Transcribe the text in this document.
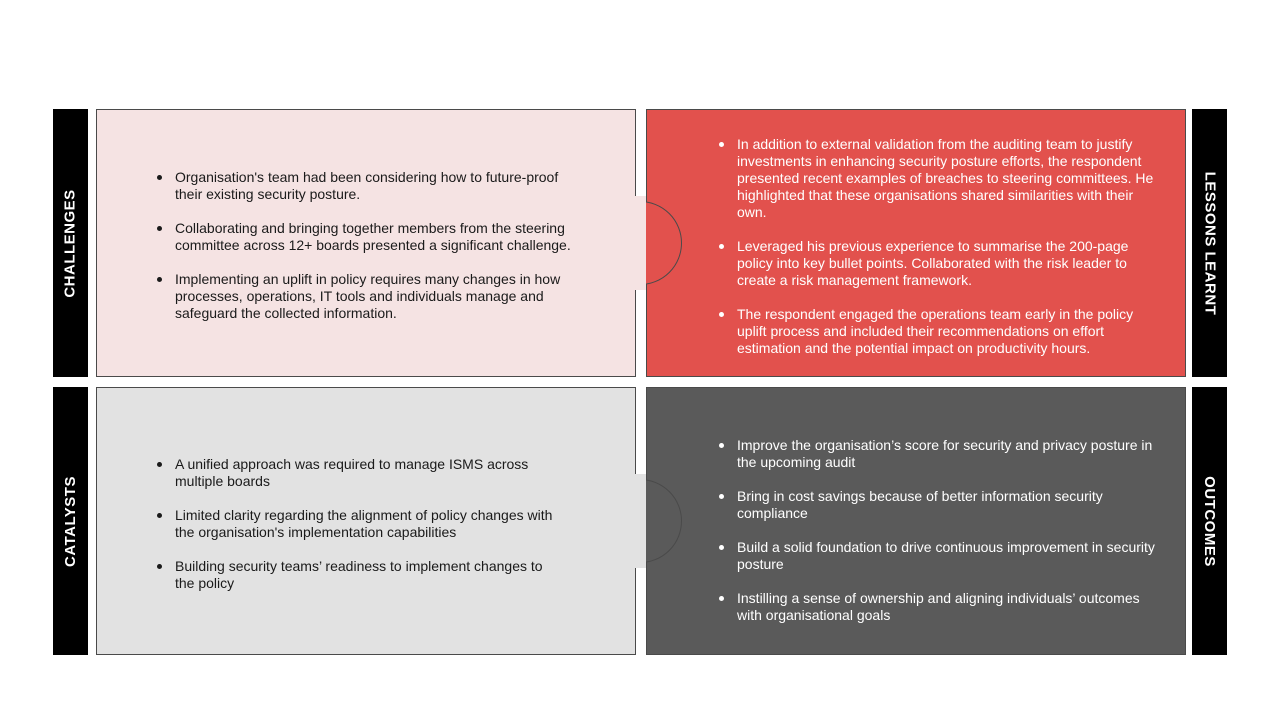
CHALLENGES
CATALYSTS
LESSONS LEARNT
OUTCOMES
Organisation's team had been considering how to future-proof their existing security posture.
Collaborating and bringing together members from the steering committee across 12+ boards presented a significant challenge.
Implementing an uplift in policy requires many changes in how processes, operations, IT tools and individuals manage and safeguard the collected information.
In addition to external validation from the auditing team to justify investments in enhancing security posture efforts, the respondent presented recent examples of breaches to steering committees. He highlighted that these organisations shared similarities with their own.
Leveraged his previous experience to summarise the 200-page policy into key bullet points. Collaborated with the risk leader to create a risk management framework.
The respondent engaged the operations team early in the policy uplift process and included their recommendations on effort estimation and the potential impact on productivity hours.
A unified approach was required to manage ISMS across multiple boards
Limited clarity regarding the alignment of policy changes with the organisation's implementation capabilities
Building security teams’ readiness to implement changes to the policy
Improve the organisation’s score for security and privacy posture in the upcoming audit
Bring in cost savings because of better information security compliance
Build a solid foundation to drive continuous improvement in security posture
Instilling a sense of ownership and aligning individuals’ outcomes with organisational goals
